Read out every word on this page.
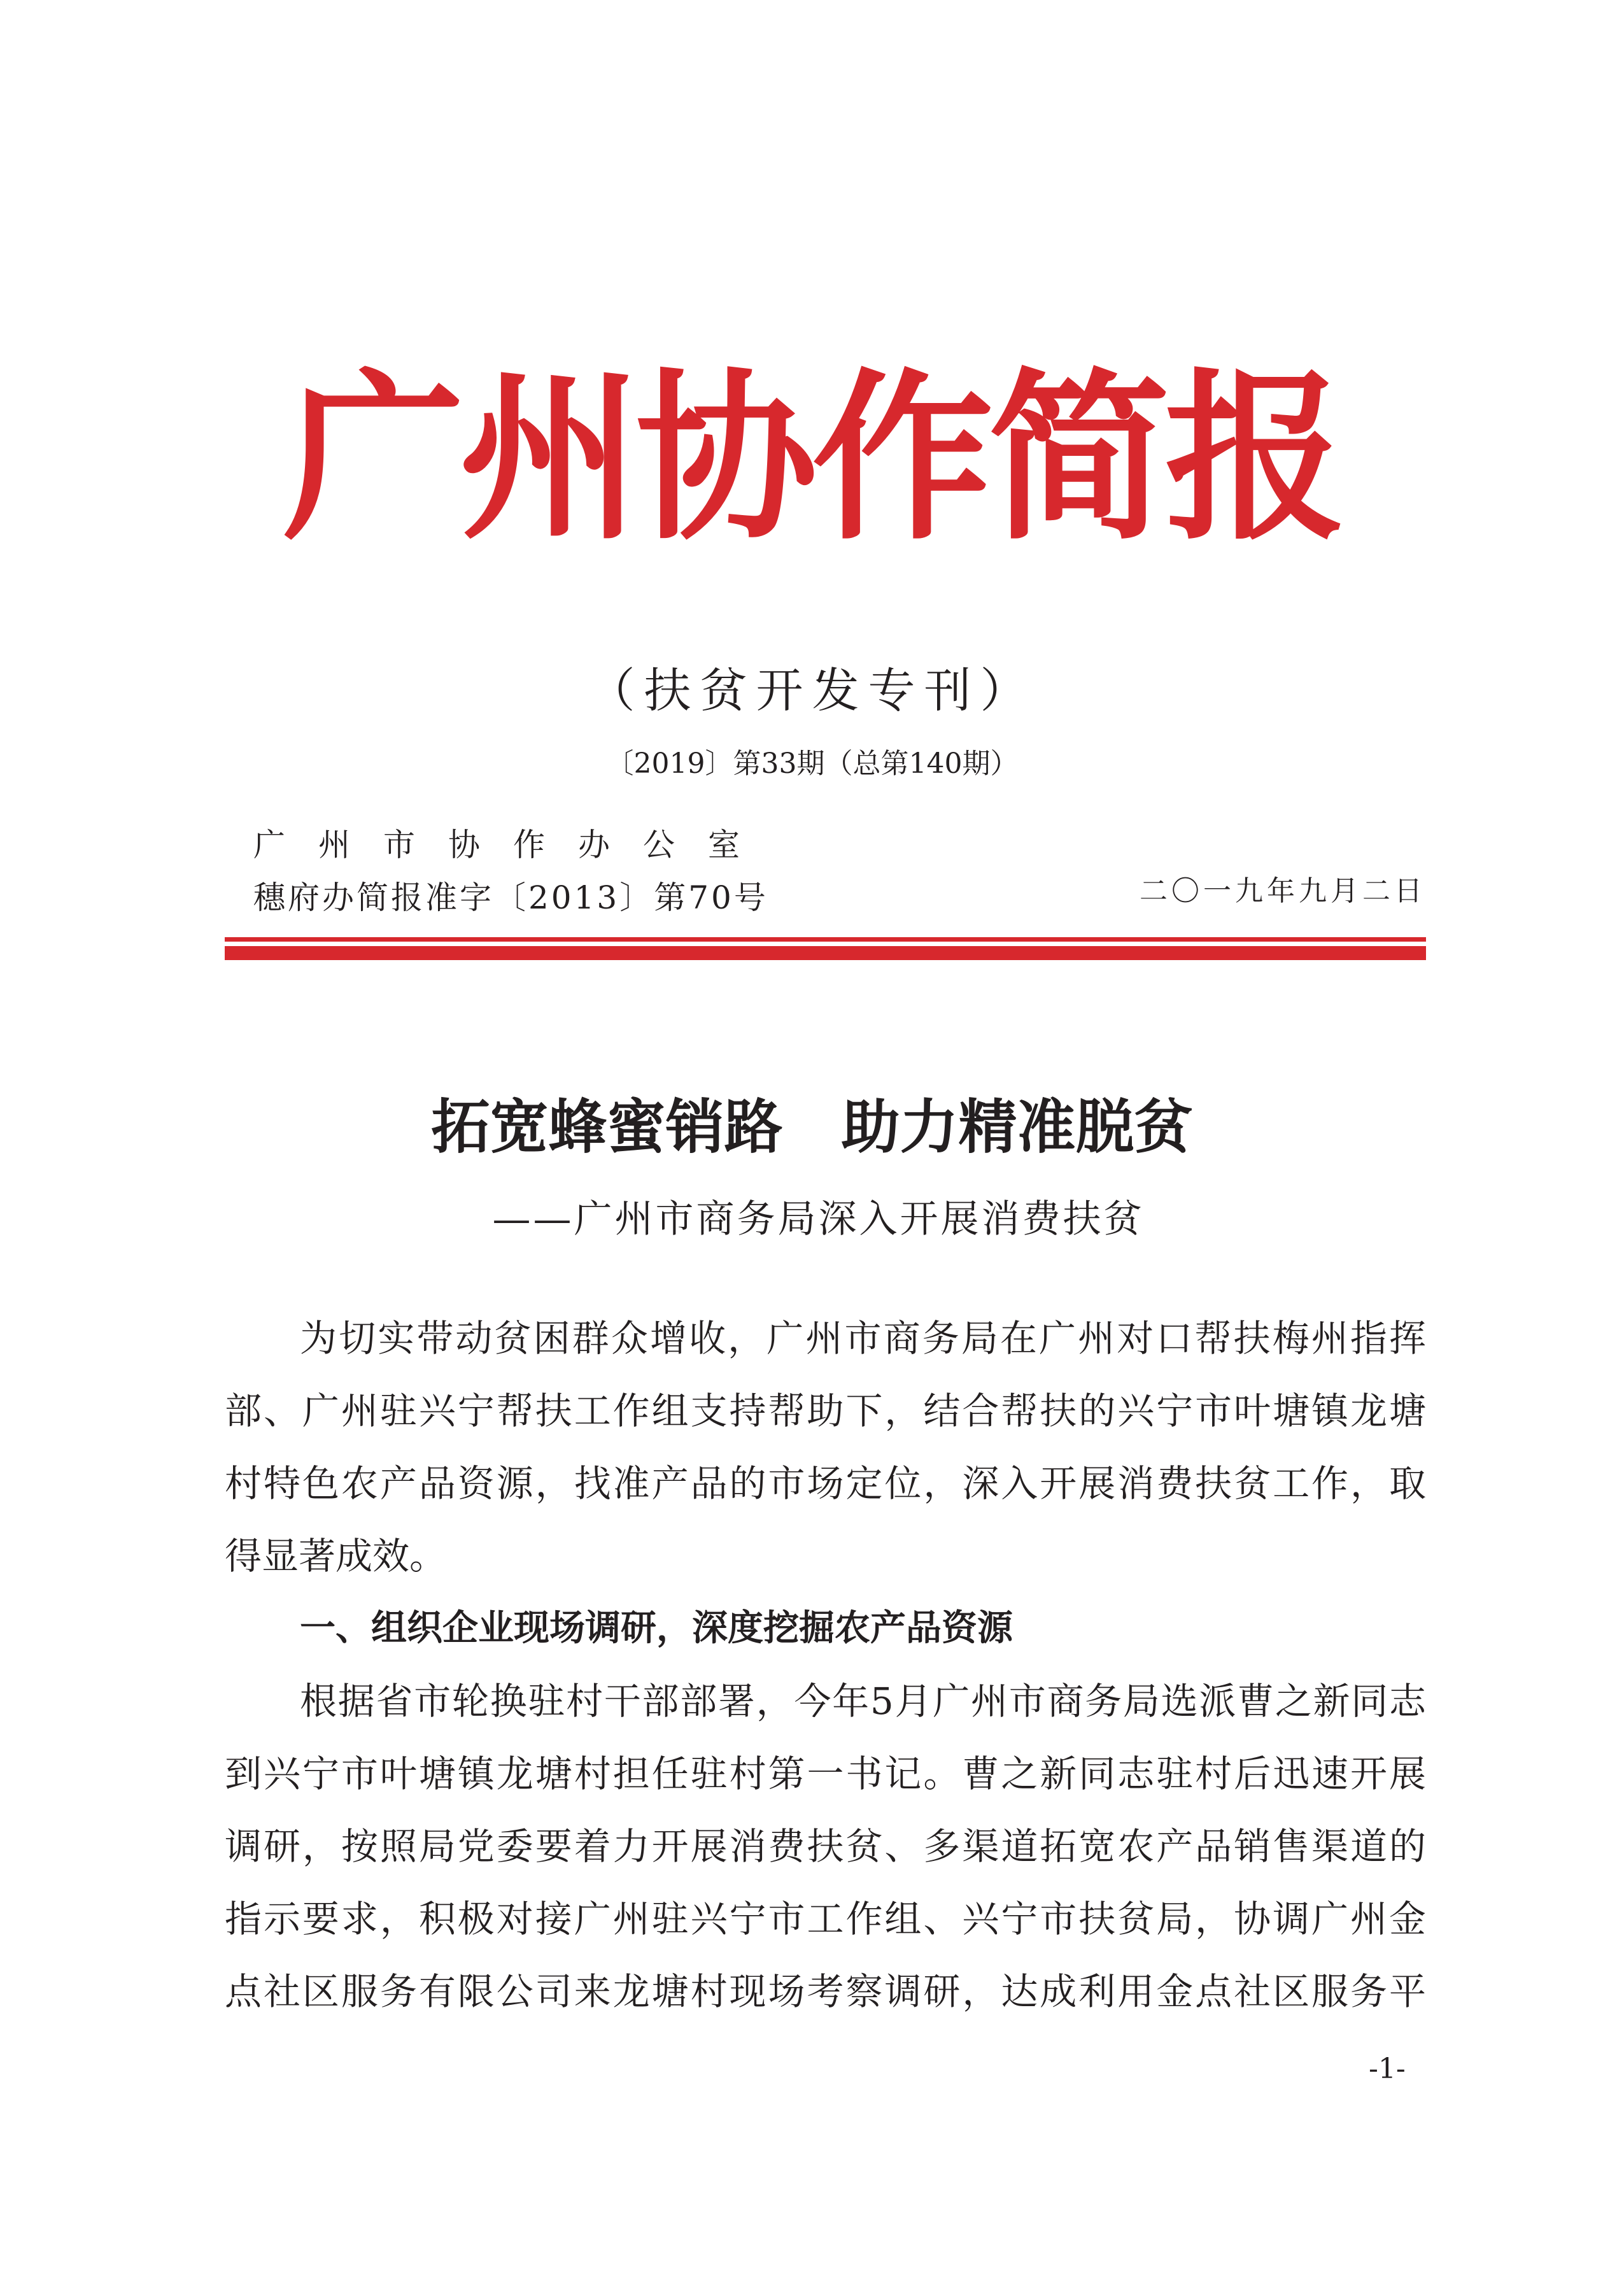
广州协作简报
（扶贫开发专刊）
〔2019〕第33期（总第140期）
广州市协作办公室
穗府办简报准字〔2013〕第70号	二〇一九年九月二日
拓宽蜂蜜销路　助力精准脱贫
——广州市商务局深入开展消费扶贫
为切实带动贫困群众增收，广州市商务局在广州对口帮扶梅州指挥
部、广州驻兴宁帮扶工作组支持帮助下，结合帮扶的兴宁市叶塘镇龙塘
村特色农产品资源，找准产品的市场定位，深入开展消费扶贫工作，取
得显著成效。
一、组织企业现场调研，深度挖掘农产品资源
根据省市轮换驻村干部部署，今年5月广州市商务局选派曹之新同志
到兴宁市叶塘镇龙塘村担任驻村第一书记。曹之新同志驻村后迅速开展
调研，按照局党委要着力开展消费扶贫、多渠道拓宽农产品销售渠道的
指示要求，积极对接广州驻兴宁市工作组、兴宁市扶贫局，协调广州金
点社区服务有限公司来龙塘村现场考察调研，达成利用金点社区服务平
-1-
